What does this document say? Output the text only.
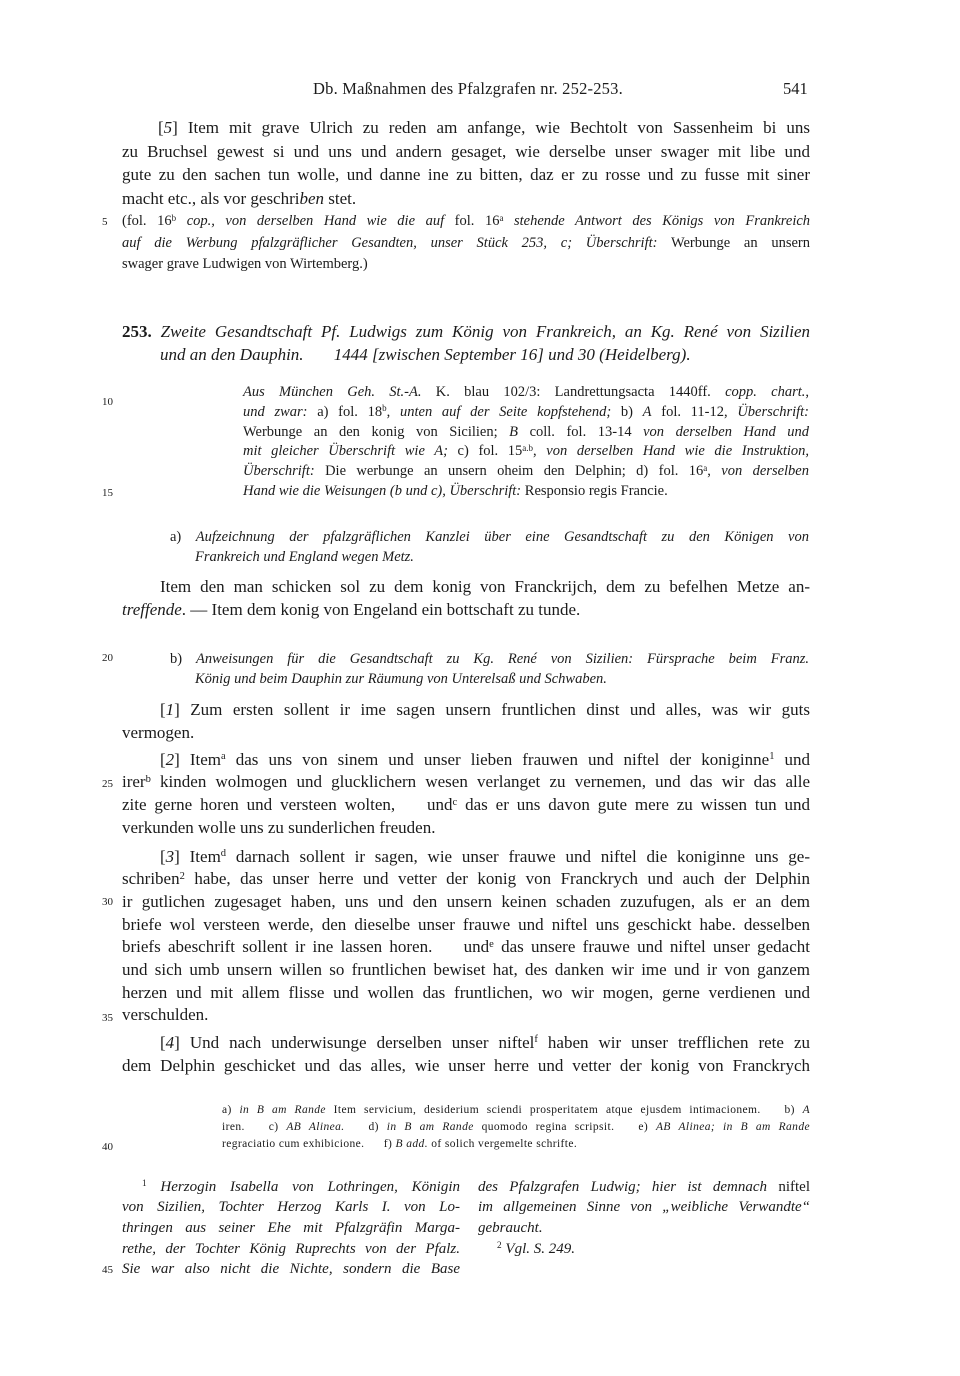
Db. Maßnahmen des Pfalzgrafen nr. 252-253.	541
5
10
15
20
25
30
35
40
45
[5] Item mit grave Ulrich zu reden am anfange, wie Bechtolt von Sassenheim bi uns
zu Bruchsel gewest si und uns und andern gesaget, wie derselbe unser swager mit libe und
gute zu den sachen tun wolle, und danne ine zu bitten, daz er zu rosse und zu fusse mit siner
macht etc., als vor geschriben stet.
(fol. 16$^b$ cop., von derselben Hand wie die auf fol. 16$^a$ stehende Antwort des Königs von Frankreich
auf die Werbung pfalzgräflicher Gesandten, unser Stück 253, c; Überschrift: Werbunge an unsern
swager grave Ludwigen von Wirtemberg.)
253. Zweite Gesandtschaft Pf. Ludwigs zum König von Frankreich, an Kg. René von Sizilien
und an den Dauphin. 1444 [zwischen September 16] und 30 (Heidelberg).
Aus München Geh. St.-A. K. blau 102/3: Landrettungsacta 1440ff. copp. chart.,
und zwar: a) fol. 18$^b$, unten auf der Seite kopfstehend; b) A fol. 11-12, Überschrift:
Werbunge an den konig von Sicilien; B coll. fol. 13-14 von derselben Hand und
mit gleicher Überschrift wie A; c) fol. $15^{a.b}$, von derselben Hand wie die Instruktion,
Überschrift: Die werbunge an unsern oheim den Delphin; d) fol. 16$^a$, von derselben
Hand wie die Weisungen (b und c), Überschrift: Responsio regis Francie.
a) Aufzeichnung der pfalzgräflichen Kanzlei über eine Gesandtschaft zu den Königen von
Frankreich und England wegen Metz.
Item den man schicken sol zu dem konig von Franckrijch, dem zu befelhen Metze an-
treffende. — Item dem konig von Engeland ein bottschaft zu tunde.
b) Anweisungen für die Gesandtschaft zu Kg. René von Sizilien: Fürsprache beim Franz.
König und beim Dauphin zur Räumung von Unterelsaß und Schwaben.
[1] Zum ersten sollent ir ime sagen unsern fruntlichen dinst und alles, was wir guts
vermogen.
[2] Item$^a$ das uns von sinem und unser lieben frauwen und niftel der koniginne$^1$ und
irer$^b$ kinden wolmogen und glucklichern wesen verlanget zu vernemen, und das wir das alle
zite gerne horen und versteen wolten, und$^c$ das er uns davon gute mere zu wissen tun und
verkunden wolle uns zu sunderlichen freuden.
[3] Item$^d$ darnach sollent ir sagen, wie unser frauwe und niftel die koniginne uns ge-
schriben$^2$ habe, das unser herre und vetter der konig von Franckrych und auch der Delphin
ir gutlichen zugesaget haben, uns und den unsern keinen schaden zuzufugen, als er an dem
briefe wol versteen werde, den dieselbe unser frauwe und niftel uns geschickt habe. desselben
briefs abeschrift sollent ir ine lassen horen. und$^e$ das unsere frauwe und niftel unser gedacht
und sich umb unsern willen so fruntlichen bewiset hat, des danken wir ime und ir von ganzem
herzen und mit allem flisse und wollen das fruntlichen, wo wir mogen, gerne verdienen und
verschulden.
[4] Und nach underwisunge derselben unser niftel$^f$ haben wir unser trefflichen rete zu
dem Delphin geschicket und das alles, wie unser herre und vetter der konig von Franckrych
a) in B am Rande Item servicium, desiderium sciendi prosperitatem atque ejusdem intimacionem. b) A
iren. c) AB Alinea. d) in B am Rande quomodo regina scripsit. e) AB Alinea; in B am Rande
regraciatio cum exhibicione. f) B add. of solich vergemelte schrifte.
$^1$ Herzogin Isabella von Lothringen, Königin
von Sizilien, Tochter Herzog Karls I. von Lo-
thringen aus seiner Ehe mit Pfalzgräfin Marga-
rethe, der Tochter König Ruprechts von der Pfalz.
Sie war also nicht die Nichte, sondern die Base
des Pfalzgrafen Ludwig; hier ist demnach niftel
im allgemeinen Sinne von „weibliche Verwandte“
gebraucht.
$^2$ Vgl. S. 249.
